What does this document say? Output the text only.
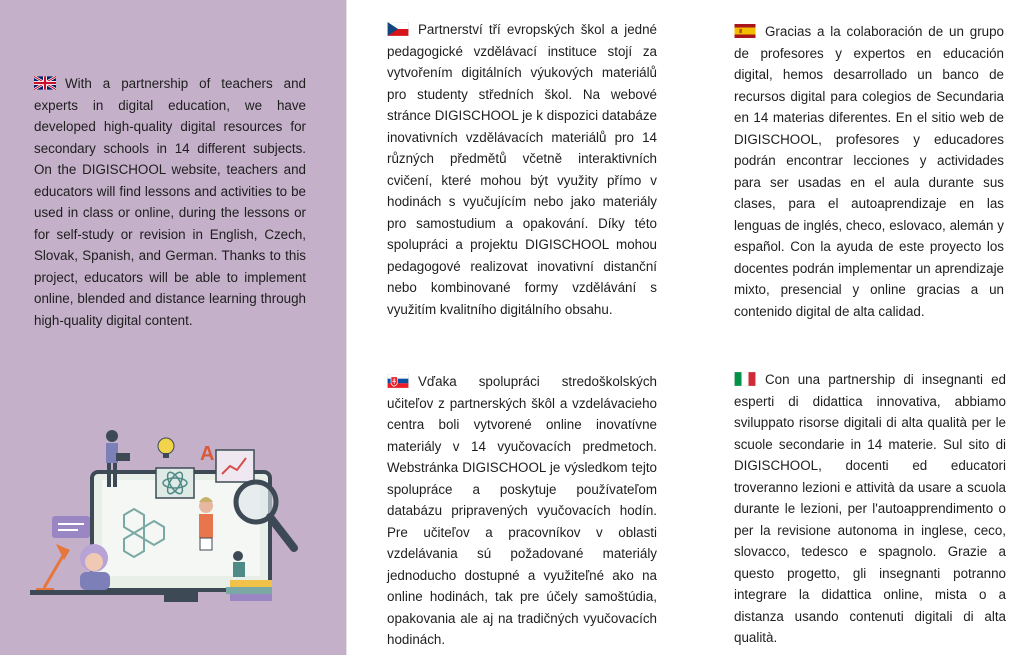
With a partnership of teachers and experts in digital education, we have developed high-quality digital resources for secondary schools in 14 different subjects. On the DIGISCHOOL website, teachers and educators will find lessons and activities to be used in class or online, during the lessons or for self-study or revision in English, Czech, Slovak, Spanish, and German. Thanks to this project, educators will be able to implement online, blended and distance learning through high-quality digital content.
Partnerství tří evropských škol a jedné pedagogické vzdělávací instituce stojí za vytvořením digitálních výukových materiálů pro studenty středních škol. Na webové stránce DIGISCHOOL je k dispozici databáze inovativních vzdělávacích materiálů pro 14 různých předmětů včetně interaktivních cvičení, které mohou být využity přímo v hodinách s vyučujícím nebo jako materiály pro samostudium a opakování. Díky této spolupráci a projektu DIGISCHOOL mohou pedagogové realizovat inovativní distanční nebo kombinované formy vzdělávání s využitím kvalitního digitálního obsahu.
Vďaka spolupráci stredoškolských učiteľov z partnerských škôl a vzdelávacieho centra boli vytvorené online inovatívne materiály v 14 vyučovacích predmetoch. Webstránka DIGISCHOOL je výsledkom tejto spolupráce a poskytuje používateľom databázu pripravených vyučovacích hodín. Pre učiteľov a pracovníkov v oblasti vzdelávania sú požadované materiály jednoducho dostupné a využiteľné ako na online hodinách, tak pre účely samoštúdia, opakovania ale aj na tradičných vyučovacích hodinách.
Gracias a la colaboración de un grupo de profesores y expertos en educación digital, hemos desarrollado un banco de recursos digital para colegios de Secundaria en 14 materias diferentes. En el sitio web de DIGISCHOOL, profesores y educadores podrán encontrar lecciones y actividades para ser usadas en el aula durante sus clases, para el autoaprendizaje en las lenguas de inglés, checo, eslovaco, alemán y español. Con la ayuda de este proyecto los docentes podrán implementar un aprendizaje mixto, presencial y online gracias a un contenido digital de alta calidad.
Con una partnership di insegnanti ed esperti di didattica innovativa, abbiamo sviluppato risorse digitali di alta qualità per le scuole secondarie in 14 materie. Sul sito di DIGISCHOOL, docenti ed educatori troveranno lezioni e attività da usare a scuola durante le lezioni, per l'autoapprendimento o per la revisione autonoma in inglese, ceco, slovacco, tedesco e spagnolo. Grazie a questo progetto, gli insegnanti potranno integrare la didattica online, mista o a distanza usando contenuti digitali di alta qualità.
A
